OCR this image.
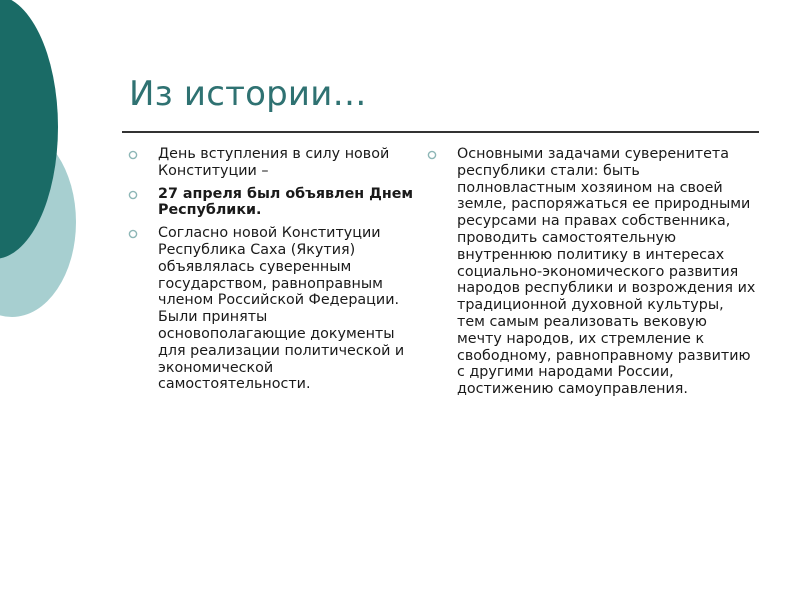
Из истории…
День вступления в силу новой Конституции –
27 апреля был объявлен Днем Республики.
Согласно новой Конституции Республика Саха (Якутия) объявлялась суверенным государством, равноправным членом Российской Федерации. Были приняты основополагающие документы для реализации политической и экономической самостоятельности.
Основными задачами суверенитета республики стали: быть полновластным хозяином на своей земле, распоряжаться ее природными ресурсами на правах собственника, проводить самостоятельную внутреннюю политику в интересах социально-экономического развития народов республики и возрождения их традиционной духовной культуры, тем самым реализовать вековую мечту народов, их стремление к свободному, равноправному развитию с другими народами России, достижению самоуправления.
